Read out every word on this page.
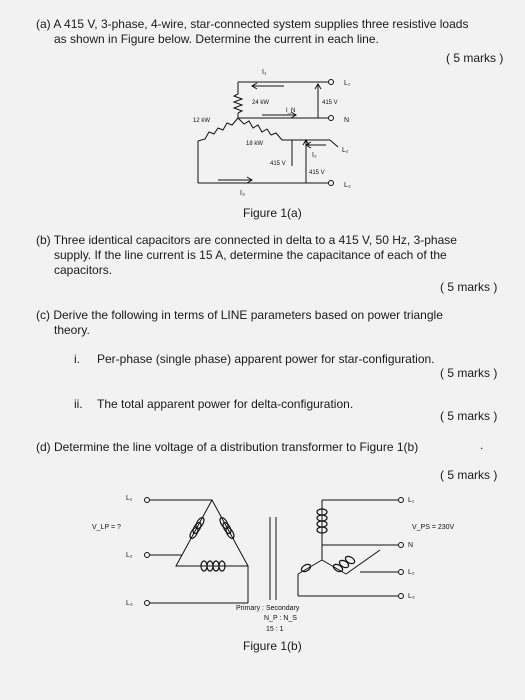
(a) A 415 V, 3-phase, 4-wire, star-connected system supplies three resistive loads
as shown in Figure below. Determine the current in each line.
( 5 marks )
I₁
L₁
24 kW
I_N
415 V
N
12 kW
18 kW
L₂
I₂
415 V
415 V
L₃
I₃
Figure 1(a)
(b) Three identical capacitors are connected in delta to a 415 V, 50 Hz, 3-phase
supply. If the line current is 15 A, determine the capacitance of each of the
capacitors.
( 5 marks )
(c) Derive the following in terms of LINE parameters based on power triangle
theory.
i. Per-phase (single phase) apparent power for star-configuration.
( 5 marks )
ii. The total apparent power for delta-configuration.
( 5 marks )
(d) Determine the line voltage of a distribution transformer to Figure 1(b)	.
( 5 marks )
L₁
L₂
L₃
V_LP = ?
L₁
V_PS = 230V
N
L₂
L₃
Primary : Secondary
N_P : N_S
15 : 1
Figure 1(b)
